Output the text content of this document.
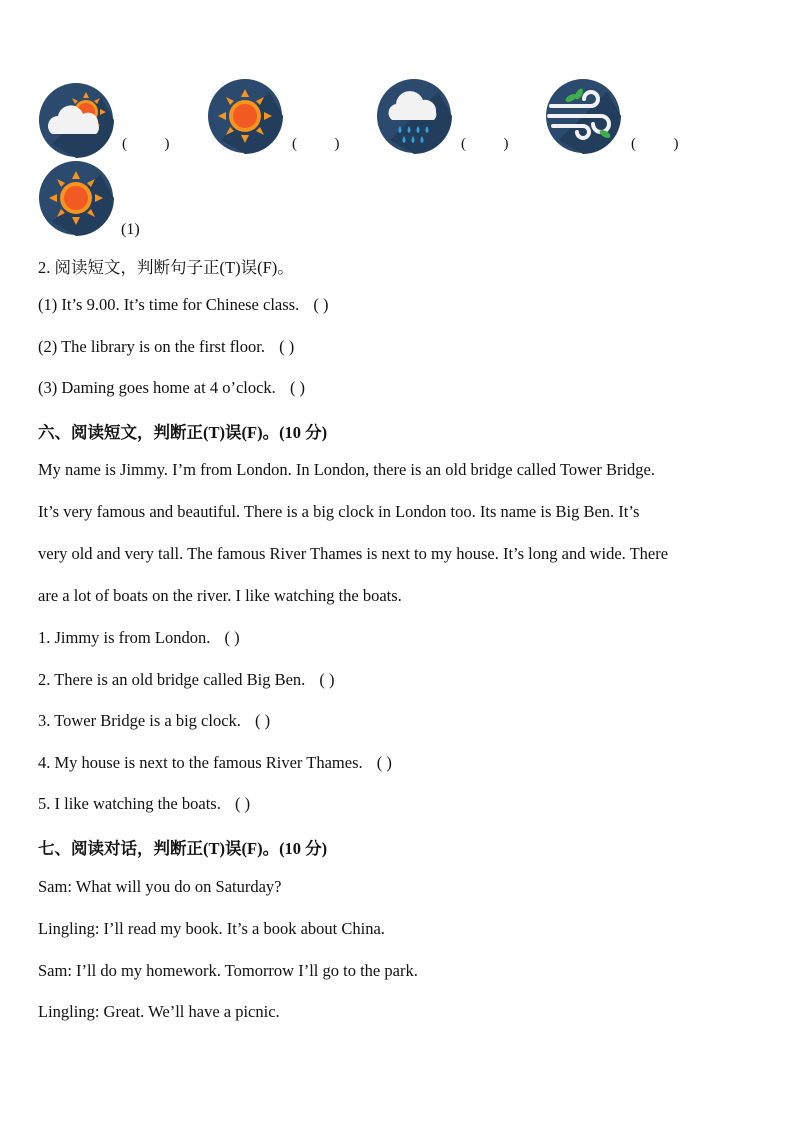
(          )	(          )	(          )	(          )
(1)
2. 阅读短文，判断句子正(T)误(F)。
(1) It’s 9.00. It’s time for Chinese class. ( )
(2) The library is on the first floor. ( )
(3) Daming goes home at 4 o’clock. ( )
六、阅读短文，判断正(T)误(F)。(10 分)
My name is Jimmy. I’m from London. In London, there is an old bridge called Tower Bridge.
It’s very famous and beautiful. There is a big clock in London too. Its name is Big Ben. It’s
very old and very tall. The famous River Thames is next to my house. It’s long and wide. There
are a lot of boats on the river. I like watching the boats.
1. Jimmy is from London. ( )
2. There is an old bridge called Big Ben. ( )
3. Tower Bridge is a big clock. ( )
4. My house is next to the famous River Thames. ( )
5. I like watching the boats. ( )
七、阅读对话，判断正(T)误(F)。(10 分)
Sam: What will you do on Saturday?
Lingling: I’ll read my book. It’s a book about China.
Sam: I’ll do my homework. Tomorrow I’ll go to the park.
Lingling: Great. We’ll have a picnic.
